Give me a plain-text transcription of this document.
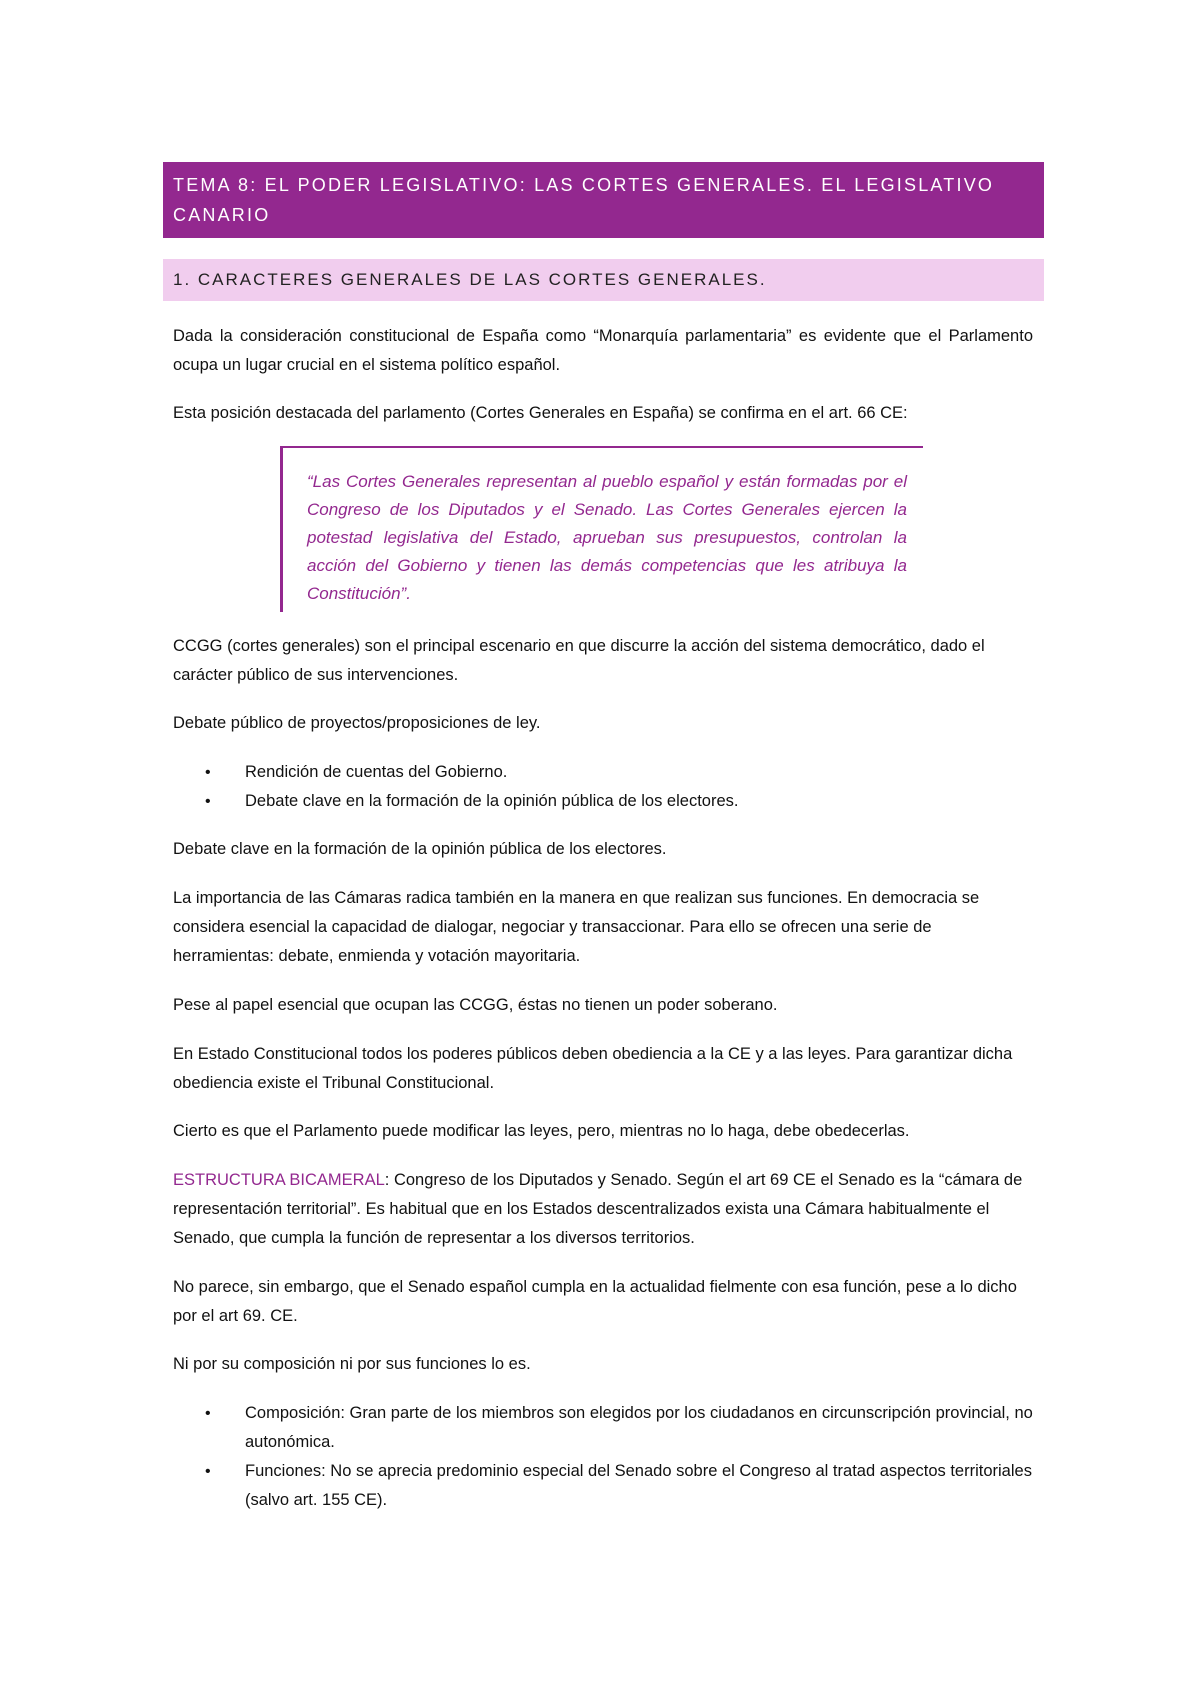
TEMA 8: EL PODER LEGISLATIVO: LAS CORTES GENERALES. EL LEGISLATIVO CANARIO
1. CARACTERES GENERALES DE LAS CORTES GENERALES.

Dada la consideración constitucional de España como “Monarquía parlamentaria” es evidente que el Parlamento ocupa un lugar crucial en el sistema político español.

Esta posición destacada del parlamento (Cortes Generales en España) se confirma en el art. 66 CE:

“Las Cortes Generales representan al pueblo español y están formadas por el Congreso de los Diputados y el Senado. Las Cortes Generales ejercen la potestad legislativa del Estado, aprueban sus presupuestos, controlan la acción del Gobierno y tienen las demás competencias que les atribuya la Constitución”.

CCGG (cortes generales) son el principal escenario en que discurre la acción del sistema democrático, dado el carácter público de sus intervenciones.

Debate público de proyectos/proposiciones de ley.

• Rendición de cuentas del Gobierno.
• Debate clave en la formación de la opinión pública de los electores.

Debate clave en la formación de la opinión pública de los electores.

La importancia de las Cámaras radica también en la manera en que realizan sus funciones. En democracia se considera esencial la capacidad de dialogar, negociar y transaccionar. Para ello se ofrecen una serie de herramientas: debate, enmienda y votación mayoritaria.

Pese al papel esencial que ocupan las CCGG, éstas no tienen un poder soberano.

En Estado Constitucional todos los poderes públicos deben obediencia a la CE y a las leyes. Para garantizar dicha obediencia existe el Tribunal Constitucional.

Cierto es que el Parlamento puede modificar las leyes, pero, mientras no lo haga, debe obedecerlas.

ESTRUCTURA BICAMERAL: Congreso de los Diputados y Senado. Según el art 69 CE el Senado es la “cámara de representación territorial”. Es habitual que en los Estados descentralizados exista una Cámara habitualmente el Senado, que cumpla la función de representar a los diversos territorios.

No parece, sin embargo, que el Senado español cumpla en la actualidad fielmente con esa función, pese a lo dicho por el art 69. CE.

Ni por su composición ni por sus funciones lo es.

• Composición: Gran parte de los miembros son elegidos por los ciudadanos en circunscripción provincial, no autonómica.
• Funciones: No se aprecia predominio especial del Senado sobre el Congreso al tratad aspectos territoriales (salvo art. 155 CE).
